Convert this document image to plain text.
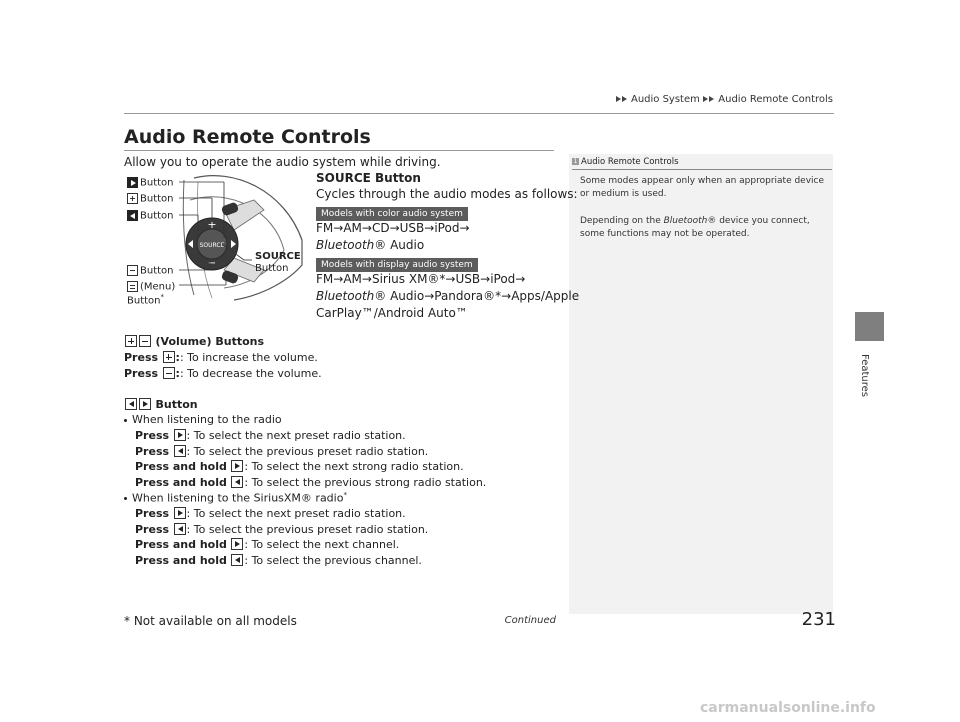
Audio System Audio Remote Controls
Features
Audio Remote Controls
Allow you to operate the audio system while driving.	1 Audio Remote Controls
Some modes appear only when an appropriate device or medium is used.
Depending on the Bluetooth® device you connect, some functions may not be operated.
SOURCE
+
−
Button
Button
Button
Button
(Menu)
Button*
SOURCE
Button
SOURCE Button
Cycles through the audio modes as follows:
Models with color audio system
FM→AM→CD→USB→iPod→
Bluetooth® Audio
Models with display audio system
FM→AM→Sirius XM®*→USB→iPod→
Bluetooth® Audio→Pandora®*→Apps/Apple
CarPlay™/Android Auto™
(Volume) Buttons
Press :: To increase the volume.
Press :: To decrease the volume.
Button
When listening to the radio
Press : To select the next preset radio station.
Press : To select the previous preset radio station.
Press and hold : To select the next strong radio station.
Press and hold : To select the previous strong radio station.
When listening to the SiriusXM® radio*
Press : To select the next preset radio station.
Press : To select the previous preset radio station.
Press and hold : To select the next channel.
Press and hold : To select the previous channel.
* Not available on all models	Continued	231
carmanualsonline.info
